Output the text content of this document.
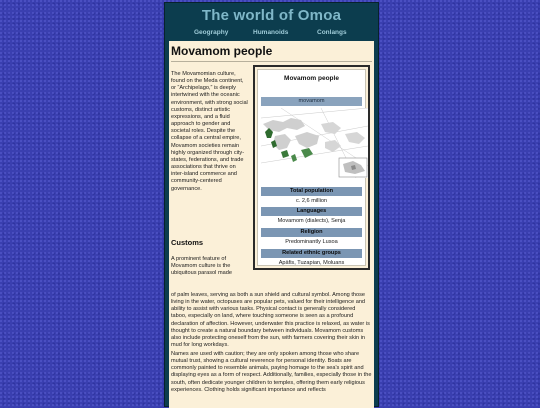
The world of Omoa
Geography	Humanoids	Conlangs
Movamom people

The Movamomian culture, found on the Meda continent, or “Archipelago,” is deeply intertwined with the oceanic environment, with strong social customs, distinct artistic expressions, and a fluid approach to gender and societal roles. Despite the collapse of a central empire, Movamom societies remain highly organized through city-states, federations, and trade associations that thrive on inter-island commerce and community-centered governance.

Customs

A prominent feature of Movamom culture is the ubiquitous parasol made

of palm leaves, serving as both a sun shield and cultural symbol. Among those living in the water, octopuses are popular pets, valued for their intelligence and ability to assist with various tasks. Physical contact is generally considered taboo, especially on land, where touching someone is seen as a profound declaration of affection. However, underwater this practice is relaxed, as water is thought to create a natural boundary between individuals. Movamom customs also include protecting oneself from the sun, with farmers covering their skin in mud for long workdays.

Names are used with caution; they are only spoken among those who share mutual trust, showing a cultural reverence for personal identity. Boats are commonly painted to resemble animals, paying homage to the sea's spirit and displaying eyes as a form of respect. Additionally, families, especially those in the south, often dedicate younger children to temples, offering them early religious experiences. Clothing holds significant importance and reflects

Movamom people
movamom
Total population
c. 2,6 million
Languages
Movamom (dialects), Senja
Religion
Predominantly Lusoa
Related ethnic groups
Apäfis, Tuzapian, Moluans
